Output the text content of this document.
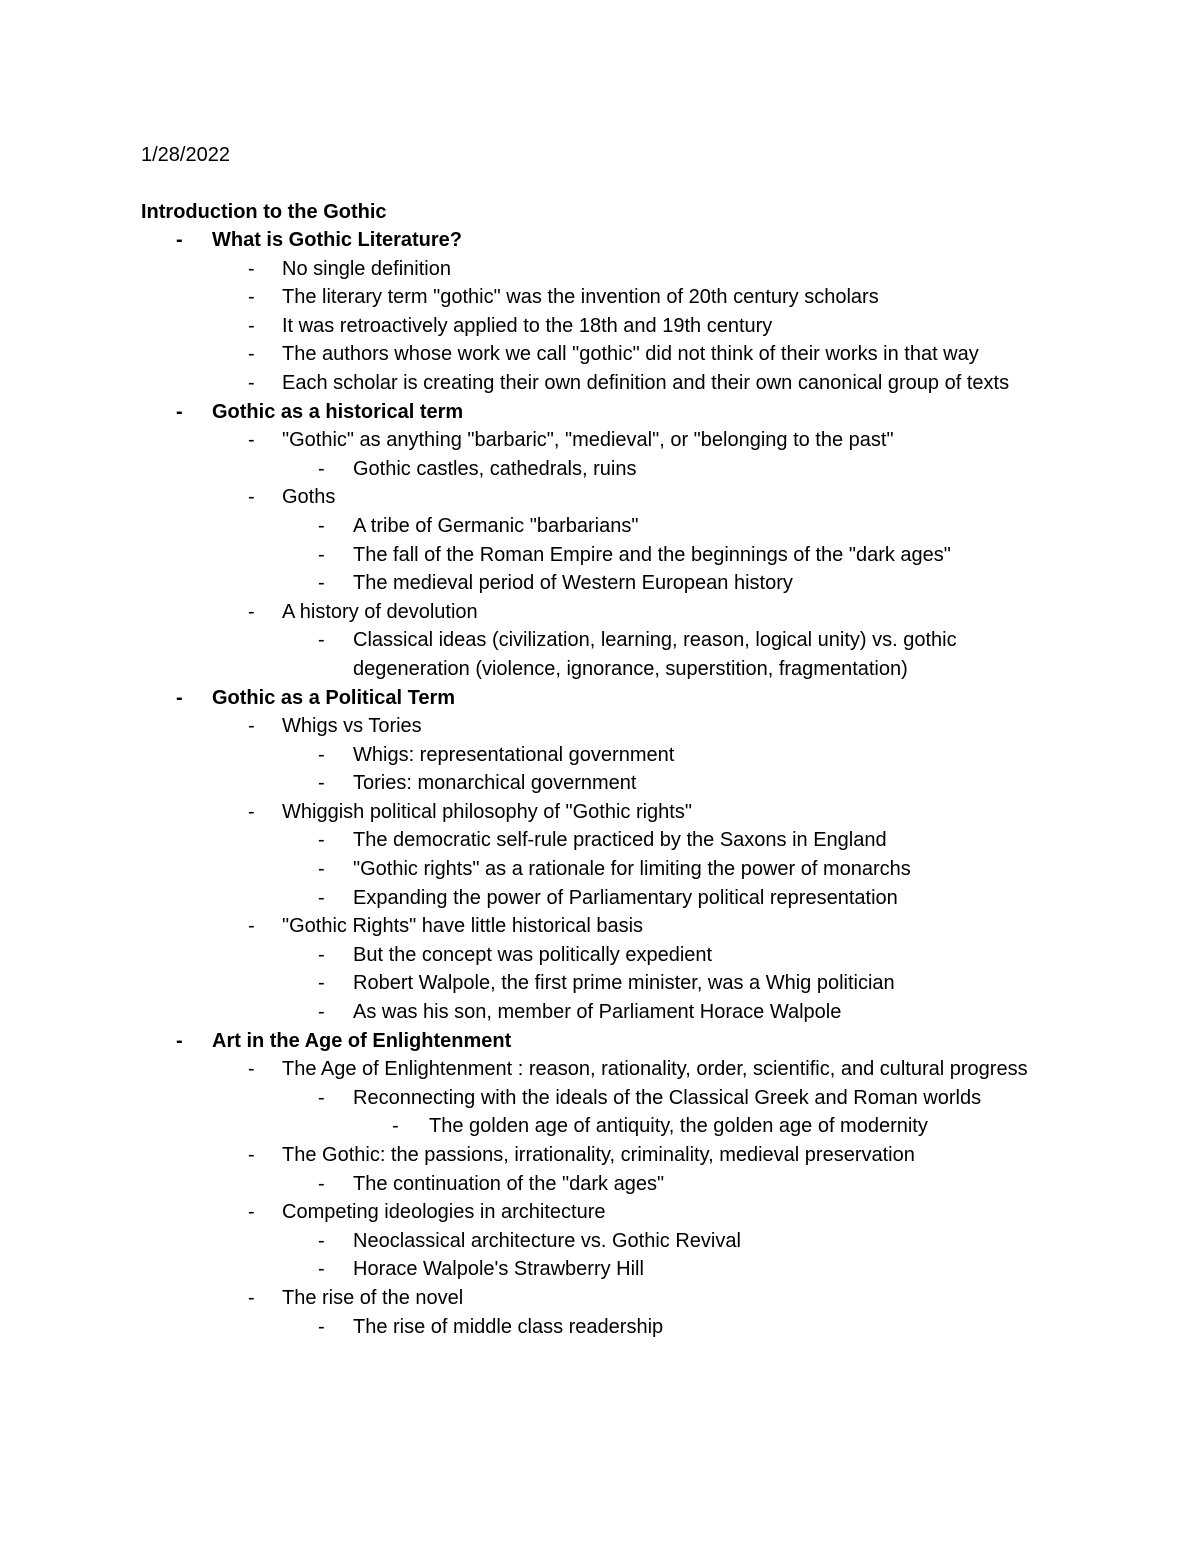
1/28/2022
Introduction to the Gothic
- What is Gothic Literature?
- No single definition
- The literary term "gothic" was the invention of 20th century scholars
- It was retroactively applied to the 18th and 19th century
- The authors whose work we call "gothic" did not think of their works in that way
- Each scholar is creating their own definition and their own canonical group of texts
- Gothic as a historical term
- "Gothic" as anything "barbaric", "medieval", or "belonging to the past"
- Gothic castles, cathedrals, ruins
- Goths
- A tribe of Germanic "barbarians"
- The fall of the Roman Empire and the beginnings of the "dark ages"
- The medieval period of Western European history
- A history of devolution
- Classical ideas (civilization, learning, reason, logical unity) vs. gothic degeneration (violence, ignorance, superstition, fragmentation)
- Gothic as a Political Term
- Whigs vs Tories
- Whigs: representational government
- Tories: monarchical government
- Whiggish political philosophy of "Gothic rights"
- The democratic self-rule practiced by the Saxons in England
- "Gothic rights" as a rationale for limiting the power of monarchs
- Expanding the power of Parliamentary political representation
- "Gothic Rights" have little historical basis
- But the concept was politically expedient
- Robert Walpole, the first prime minister, was a Whig politician
- As was his son, member of Parliament Horace Walpole
- Art in the Age of Enlightenment
- The Age of Enlightenment : reason, rationality, order, scientific, and cultural progress
- Reconnecting with the ideals of the Classical Greek and Roman worlds
- The golden age of antiquity, the golden age of modernity
- The Gothic: the passions, irrationality, criminality, medieval preservation
- The continuation of the "dark ages"
- Competing ideologies in architecture
- Neoclassical architecture vs. Gothic Revival
- Horace Walpole's Strawberry Hill
- The rise of the novel
- The rise of middle class readership
